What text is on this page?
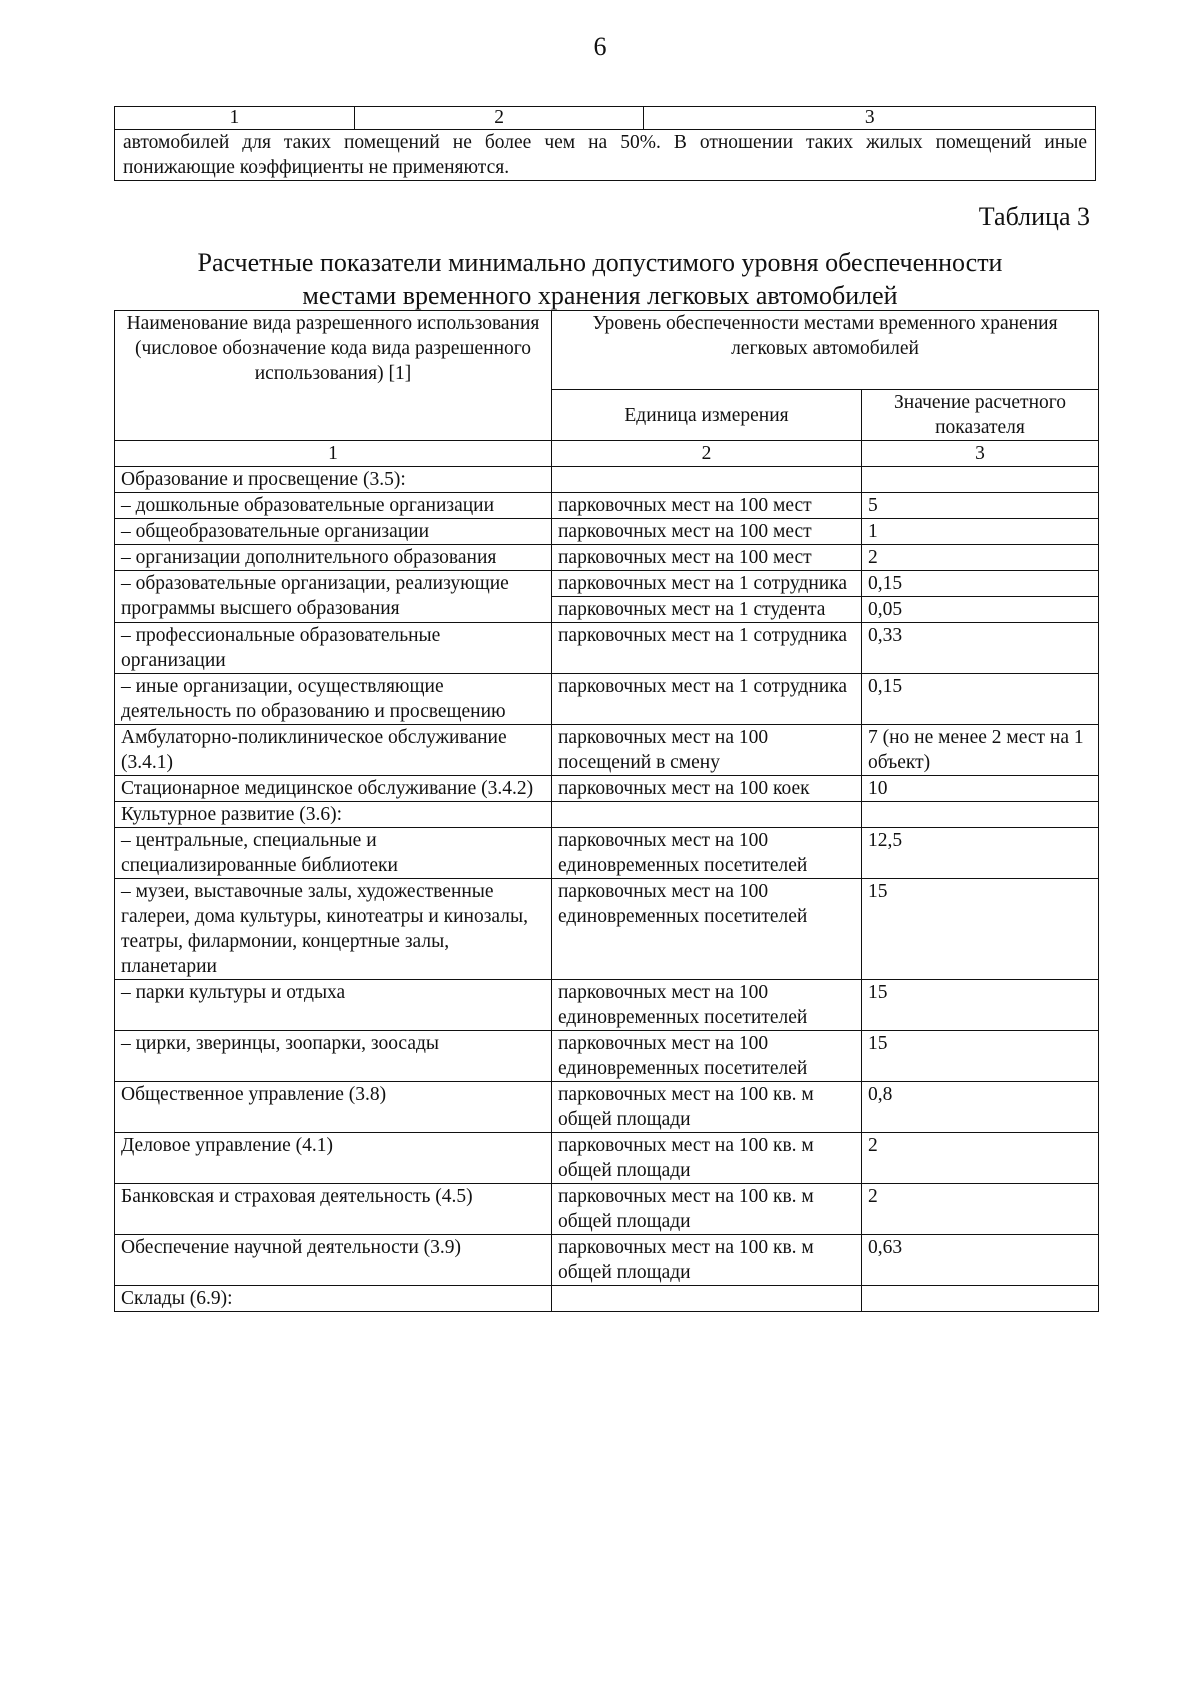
6
1	2	3
автомобилей для таких помещений не более чем на 50%. В отношении таких жилых помещений иные понижающие коэффициенты не применяются.
Таблица 3
Расчетные показатели минимально допустимого уровня обеспеченности
местами временного хранения легковых автомобилей
Наименование вида разрешенного использования (числовое обозначение кода вида разрешенного использования) [1]	Уровень обеспеченности местами временного хранения легковых автомобилей	
	Единица измерения	Значение расчетного показателя
1	2	3
Образование и просвещение (3.5):		
– дошкольные образовательные организации	парковочных мест на 100 мест	5
– общеобразовательные организации	парковочных мест на 100 мест	1
– организации дополнительного образования	парковочных мест на 100 мест	2
– образовательные организации, реализующие программы высшего образования	парковочных мест на 1 сотрудника	0,15
	парковочных мест на 1 студента	0,05
– профессиональные образовательные организации	парковочных мест на 1 сотрудника	0,33
– иные организации, осуществляющие деятельность по образованию и просвещению	парковочных мест на 1 сотрудника	0,15
Амбулаторно-поликлиническое обслуживание (3.4.1)	парковочных мест на 100 посещений в смену	7 (но не менее 2 мест на 1 объект)
Стационарное медицинское обслуживание (3.4.2)	парковочных мест на 100 коек	10
Культурное развитие (3.6):		
– центральные, специальные и специализированные библиотеки	парковочных мест на 100 единовременных посетителей	12,5
– музеи, выставочные залы, художественные галереи, дома культуры, кинотеатры и кинозалы, театры, филармонии, концертные залы, планетарии	парковочных мест на 100 единовременных посетителей	15
– парки культуры и отдыха	парковочных мест на 100 единовременных посетителей	15
– цирки, зверинцы, зоопарки, зоосады	парковочных мест на 100 единовременных посетителей	15
Общественное управление (3.8)	парковочных мест на 100 кв. м общей площади	0,8
Деловое управление (4.1)	парковочных мест на 100 кв. м общей площади	2
Банковская и страховая деятельность (4.5)	парковочных мест на 100 кв. м общей площади	2
Обеспечение научной деятельности (3.9)	парковочных мест на 100 кв. м общей площади	0,63
Склады (6.9):		
